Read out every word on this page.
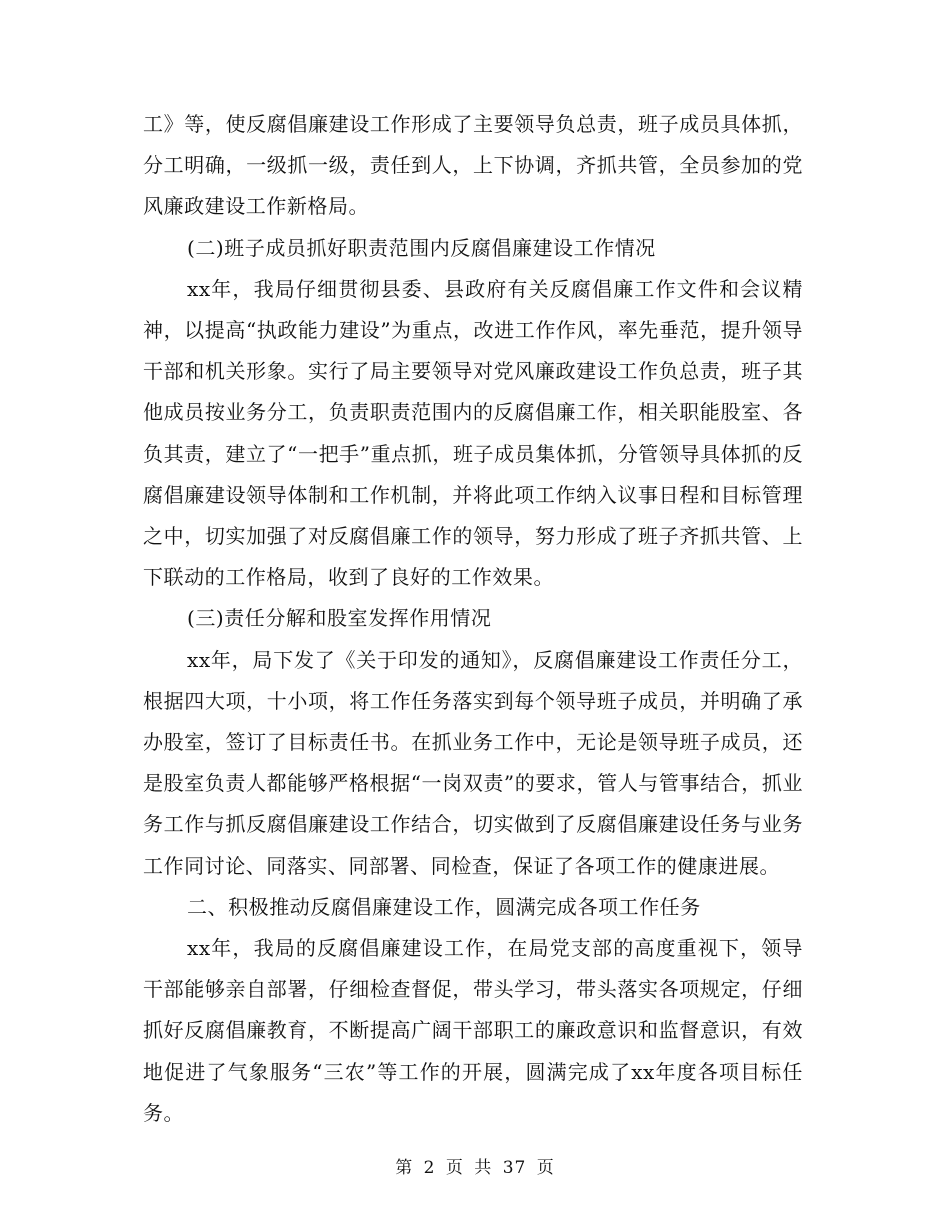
工》等，使反腐倡廉建设工作形成了主要领导负总责，班子成员具体抓，分工明确，一级抓一级，责任到人，上下协调，齐抓共管，全员参加的党风廉政建设工作新格局。

(二)班子成员抓好职责范围内反腐倡廉建设工作情况

xx年，我局仔细贯彻县委、县政府有关反腐倡廉工作文件和会议精神，以提高“执政能力建设”为重点，改进工作作风，率先垂范，提升领导干部和机关形象。实行了局主要领导对党风廉政建设工作负总责，班子其他成员按业务分工，负责职责范围内的反腐倡廉工作，相关职能股室、各负其责，建立了“一把手”重点抓，班子成员集体抓，分管领导具体抓的反腐倡廉建设领导体制和工作机制，并将此项工作纳入议事日程和目标管理之中，切实加强了对反腐倡廉工作的领导，努力形成了班子齐抓共管、上下联动的工作格局，收到了良好的工作效果。

(三)责任分解和股室发挥作用情况

xx年，局下发了《关于印发的通知》，反腐倡廉建设工作责任分工，根据四大项，十小项，将工作任务落实到每个领导班子成员，并明确了承办股室，签订了目标责任书。在抓业务工作中，无论是领导班子成员，还是股室负责人都能够严格根据“一岗双责”的要求，管人与管事结合，抓业务工作与抓反腐倡廉建设工作结合，切实做到了反腐倡廉建设任务与业务工作同讨论、同落实、同部署、同检查，保证了各项工作的健康进展。

二、积极推动反腐倡廉建设工作，圆满完成各项工作任务

xx年，我局的反腐倡廉建设工作，在局党支部的高度重视下，领导干部能够亲自部署，仔细检查督促，带头学习，带头落实各项规定，仔细抓好反腐倡廉教育，不断提高广阔干部职工的廉政意识和监督意识，有效地促进了气象服务“三农”等工作的开展，圆满完成了xx年度各项目标任务。

第 2 页 共 37 页
